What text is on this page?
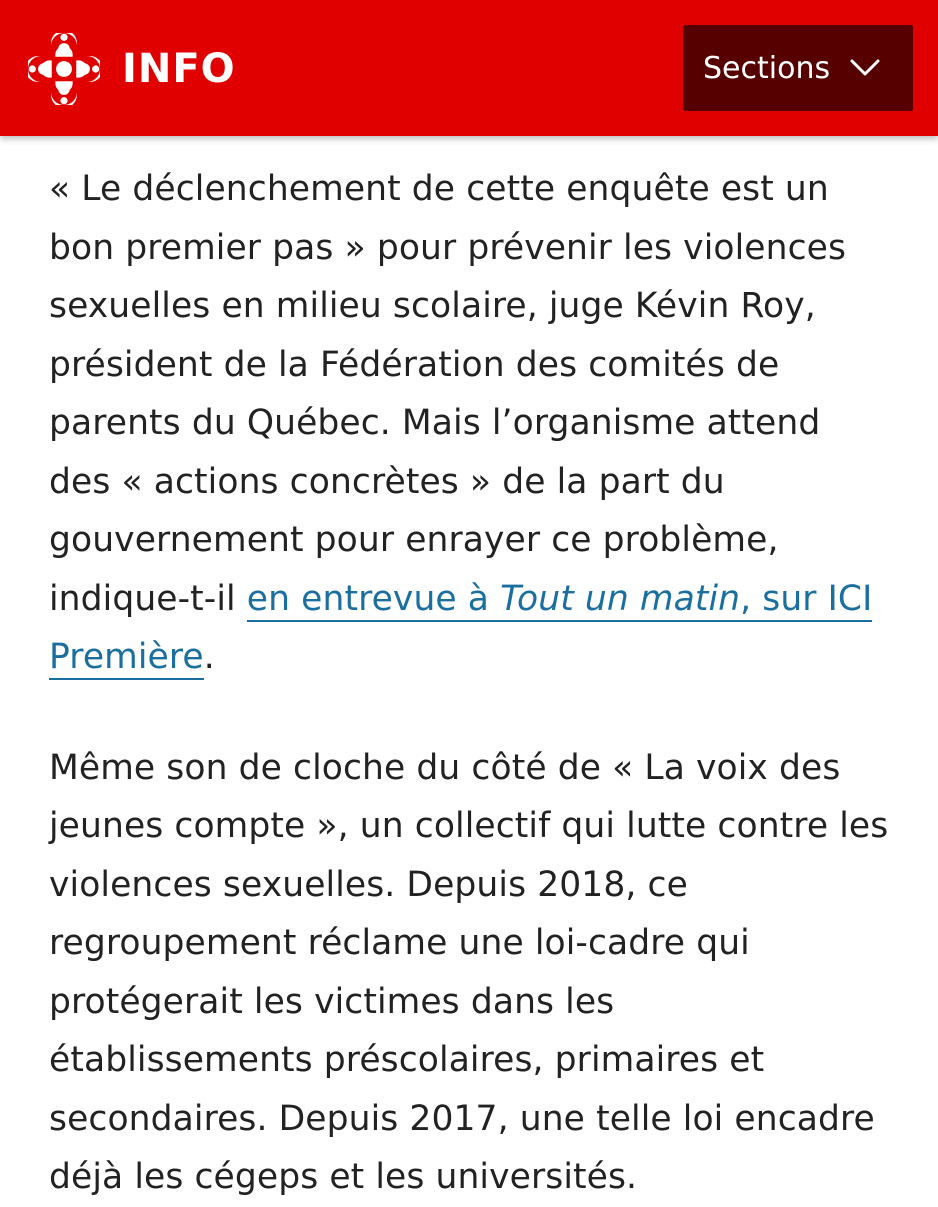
INFO	Sections

« Le déclenchement de cette enquête est un bon premier pas » pour prévenir les violences sexuelles en milieu scolaire, juge Kévin Roy, président de la Fédération des comités de parents du Québec. Mais l’organisme attend des « actions concrètes » de la part du gouvernement pour enrayer ce problème, indique-t-il en entrevue à Tout un matin, sur ICI Première.

Même son de cloche du côté de « La voix des jeunes compte », un collectif qui lutte contre les violences sexuelles. Depuis 2018, ce regroupement réclame une loi-cadre qui protégerait les victimes dans les établissements préscolaires, primaires et secondaires. Depuis 2017, une telle loi encadre déjà les cégeps et les universités.
